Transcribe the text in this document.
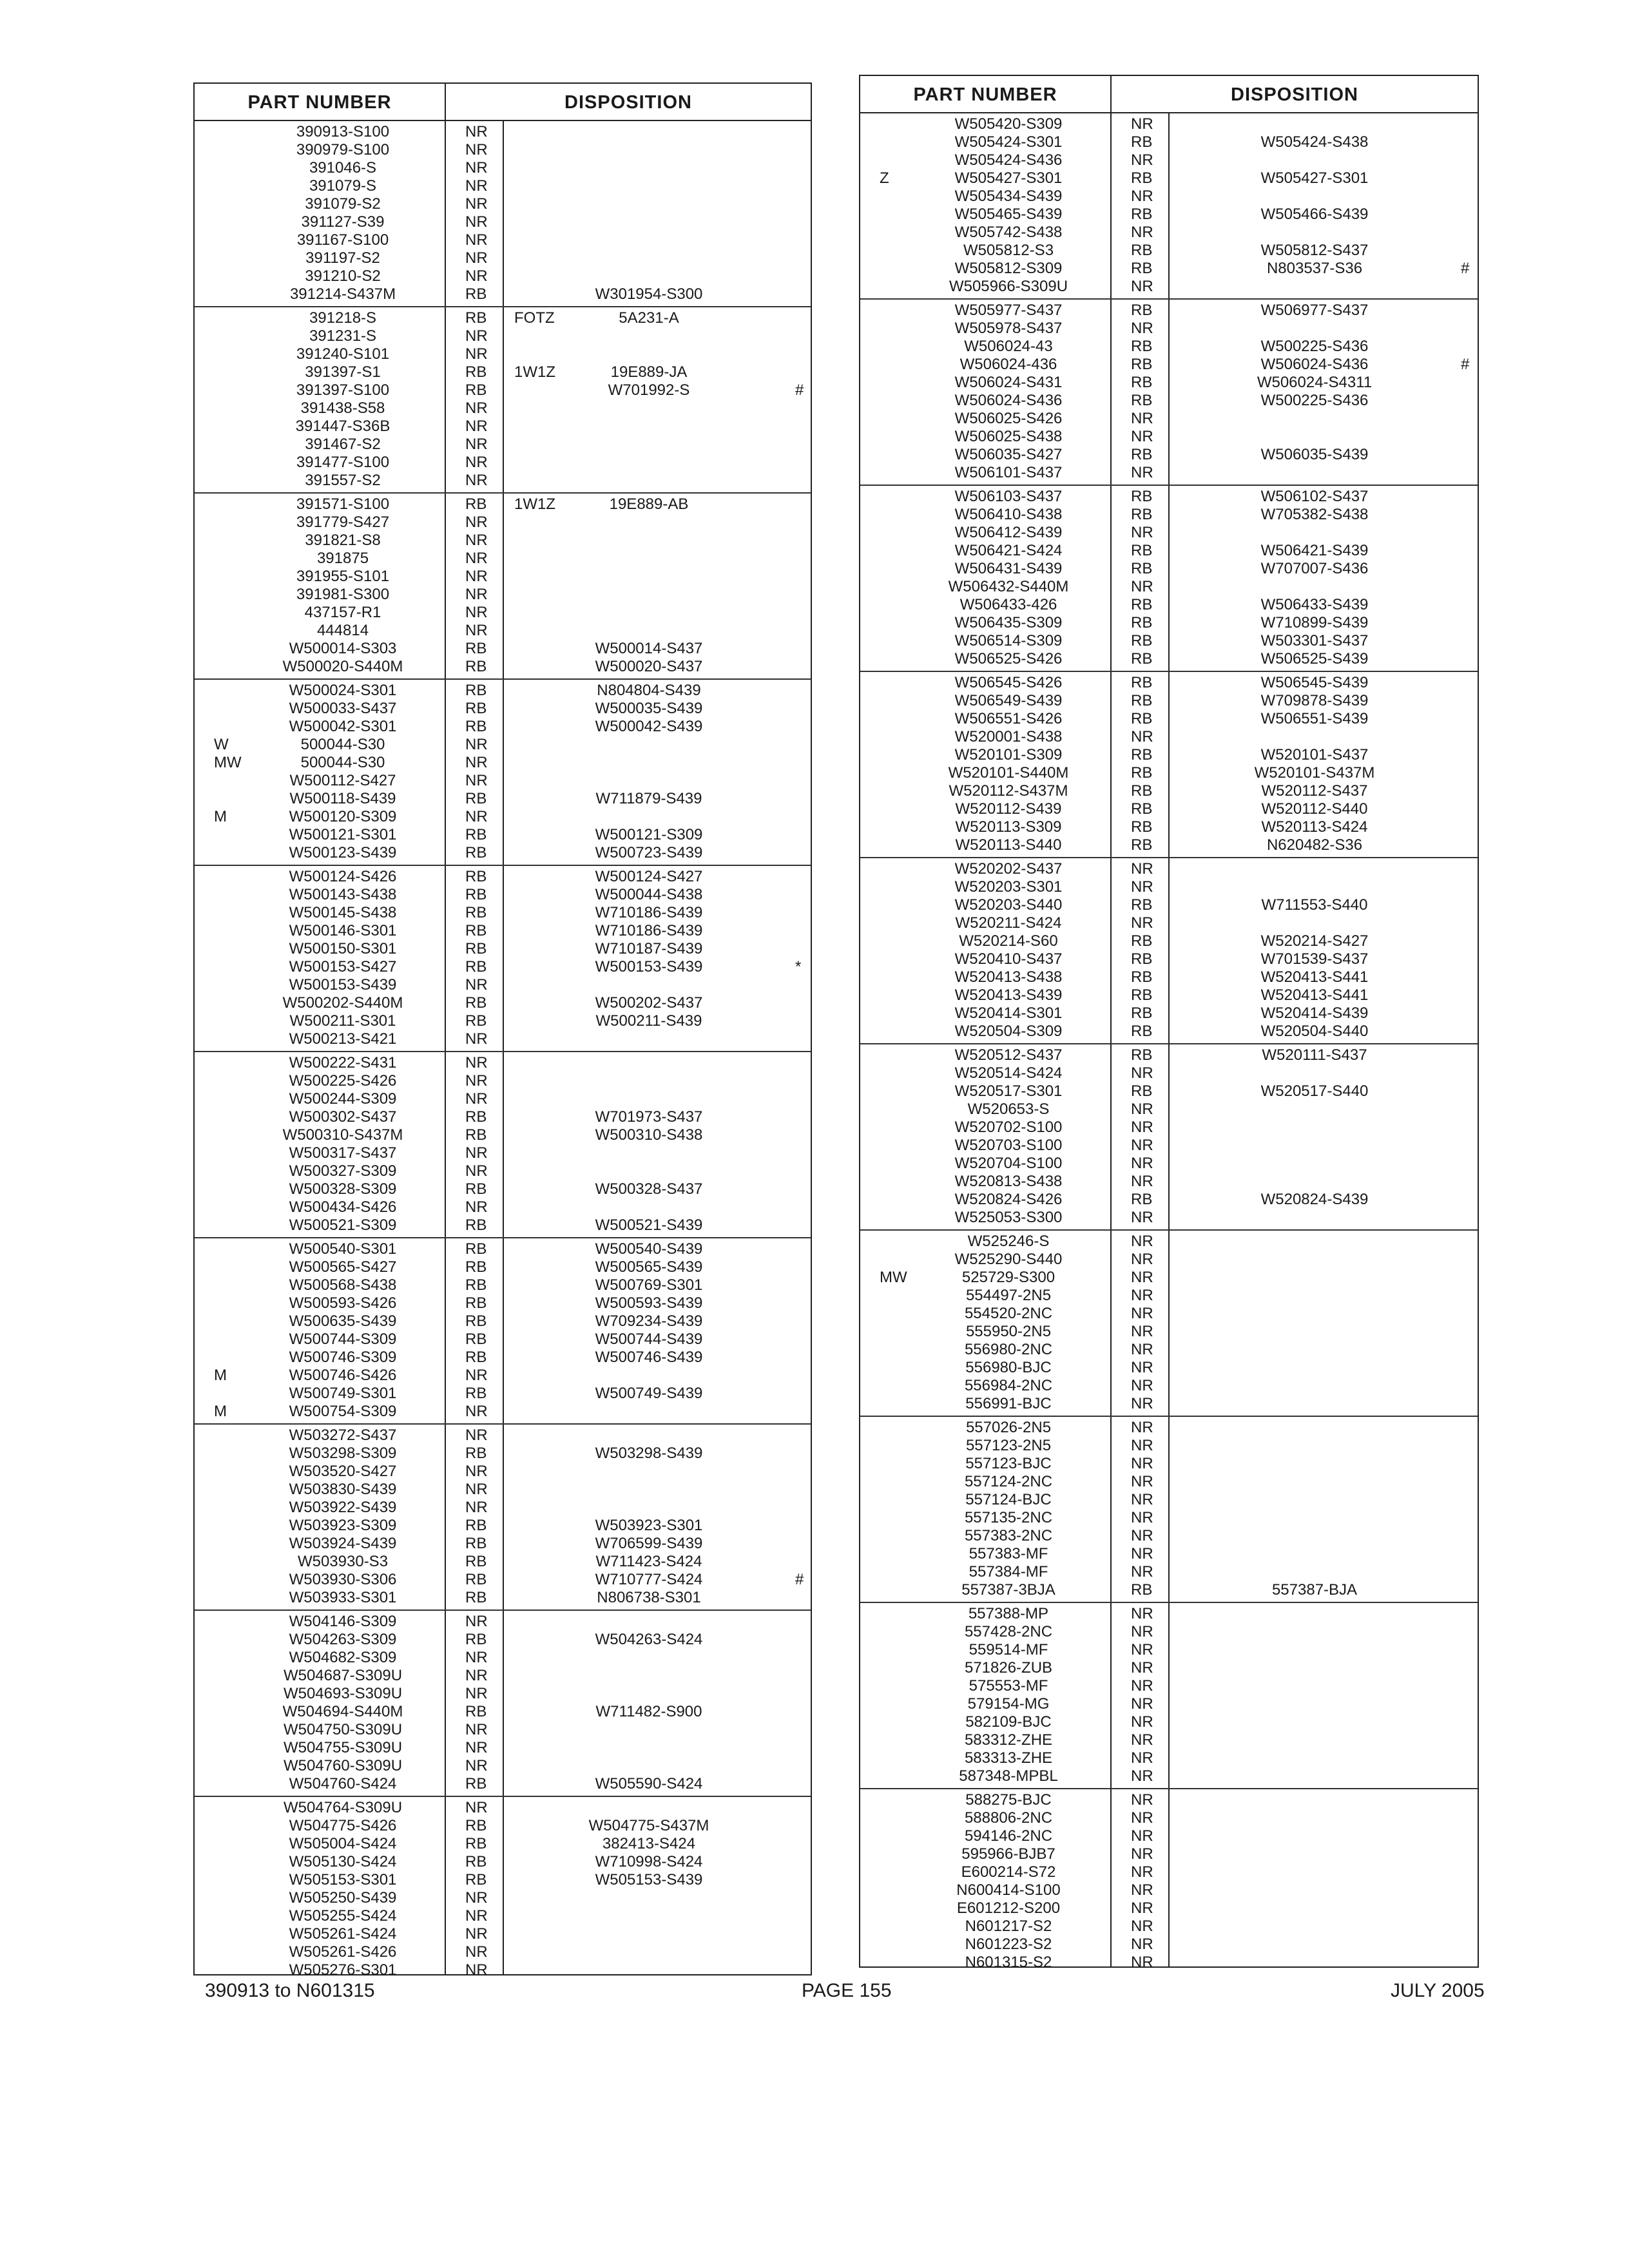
PART NUMBER	DISPOSITION
390913-S100	NR
390979-S100	NR
391046-S	NR
391079-S	NR
391079-S2	NR
391127-S39	NR
391167-S100	NR
391197-S2	NR
391210-S2	NR
391214-S437M	RB	W301954-S300
391218-S	RB FOTZ	5A231-A
391231-S	NR
391240-S101	NR
391397-S1	RB 1W1Z	19E889-JA
391397-S100	RB	W701992-S	#
391438-S58	NR
391447-S36B	NR
391467-S2	NR
391477-S100	NR
391557-S2	NR
391571-S100	RB 1W1Z	19E889-AB
391779-S427	NR
391821-S8	NR
391875	NR
391955-S101	NR
391981-S300	NR
437157-R1	NR
444814	NR
W500014-S303	RB	W500014-S437
W500020-S440M	RB	W500020-S437
W500024-S301	RB	N804804-S439
W500033-S437	RB	W500035-S439
W500042-S301	RB	W500042-S439
W	500044-S30	NR
MW	500044-S30	NR
W500112-S427	NR
W500118-S439	RB	W711879-S439
M	W500120-S309	NR
W500121-S301	RB	W500121-S309
W500123-S439	RB	W500723-S439
W500124-S426	RB	W500124-S427
W500143-S438	RB	W500044-S438
W500145-S438	RB	W710186-S439
W500146-S301	RB	W710186-S439
W500150-S301	RB	W710187-S439
W500153-S427	RB	W500153-S439	*
W500153-S439	NR
W500202-S440M	RB	W500202-S437
W500211-S301	RB	W500211-S439
W500213-S421	NR
W500222-S431	NR
W500225-S426	NR
W500244-S309	NR
W500302-S437	RB	W701973-S437
W500310-S437M	RB	W500310-S438
W500317-S437	NR
W500327-S309	NR
W500328-S309	RB	W500328-S437
W500434-S426	NR
W500521-S309	RB	W500521-S439
W500540-S301	RB	W500540-S439
W500565-S427	RB	W500565-S439
W500568-S438	RB	W500769-S301
W500593-S426	RB	W500593-S439
W500635-S439	RB	W709234-S439
W500744-S309	RB	W500744-S439
W500746-S309	RB	W500746-S439
M	W500746-S426	NR
W500749-S301	RB	W500749-S439
M	W500754-S309	NR
W503272-S437	NR
W503298-S309	RB	W503298-S439
W503520-S427	NR
W503830-S439	NR
W503922-S439	NR
W503923-S309	RB	W503923-S301
W503924-S439	RB	W706599-S439
W503930-S3	RB	W711423-S424
W503930-S306	RB	W710777-S424	#
W503933-S301	RB	N806738-S301
W504146-S309	NR
W504263-S309	RB	W504263-S424
W504682-S309	NR
W504687-S309U	NR
W504693-S309U	NR
W504694-S440M	RB	W711482-S900
W504750-S309U	NR
W504755-S309U	NR
W504760-S309U	NR
W504760-S424	RB	W505590-S424
W504764-S309U	NR
W504775-S426	RB	W504775-S437M
W505004-S424	RB	382413-S424
W505130-S424	RB	W710998-S424
W505153-S301	RB	W505153-S439
W505250-S439	NR
W505255-S424	NR
W505261-S424	NR
W505261-S426	NR
W505276-S301	NR
PART NUMBER	DISPOSITION
W505420-S309	NR
W505424-S301	RB	W505424-S438
W505424-S436	NR
Z	W505427-S301	RB	W505427-S301
W505434-S439	NR
W505465-S439	RB	W505466-S439
W505742-S438	NR
W505812-S3	RB	W505812-S437
W505812-S309	RB	N803537-S36	#
W505966-S309U	NR
W505977-S437	RB	W506977-S437
W505978-S437	NR
W506024-43	RB	W500225-S436
W506024-436	RB	W506024-S436	#
W506024-S431	RB	W506024-S4311
W506024-S436	RB	W500225-S436
W506025-S426	NR
W506025-S438	NR
W506035-S427	RB	W506035-S439
W506101-S437	NR
W506103-S437	RB	W506102-S437
W506410-S438	RB	W705382-S438
W506412-S439	NR
W506421-S424	RB	W506421-S439
W506431-S439	RB	W707007-S436
W506432-S440M	NR
W506433-426	RB	W506433-S439
W506435-S309	RB	W710899-S439
W506514-S309	RB	W503301-S437
W506525-S426	RB	W506525-S439
W506545-S426	RB	W506545-S439
W506549-S439	RB	W709878-S439
W506551-S426	RB	W506551-S439
W520001-S438	NR
W520101-S309	RB	W520101-S437
W520101-S440M	RB	W520101-S437M
W520112-S437M	RB	W520112-S437
W520112-S439	RB	W520112-S440
W520113-S309	RB	W520113-S424
W520113-S440	RB	N620482-S36
W520202-S437	NR
W520203-S301	NR
W520203-S440	RB	W711553-S440
W520211-S424	NR
W520214-S60	RB	W520214-S427
W520410-S437	RB	W701539-S437
W520413-S438	RB	W520413-S441
W520413-S439	RB	W520413-S441
W520414-S301	RB	W520414-S439
W520504-S309	RB	W520504-S440
W520512-S437	RB	W520111-S437
W520514-S424	NR
W520517-S301	RB	W520517-S440
W520653-S	NR
W520702-S100	NR
W520703-S100	NR
W520704-S100	NR
W520813-S438	NR
W520824-S426	RB	W520824-S439
W525053-S300	NR
W525246-S	NR
W525290-S440	NR
MW	525729-S300	NR
554497-2N5	NR
554520-2NC	NR
555950-2N5	NR
556980-2NC	NR
556980-BJC	NR
556984-2NC	NR
556991-BJC	NR
557026-2N5	NR
557123-2N5	NR
557123-BJC	NR
557124-2NC	NR
557124-BJC	NR
557135-2NC	NR
557383-2NC	NR
557383-MF	NR
557384-MF	NR
557387-3BJA	RB	557387-BJA
557388-MP	NR
557428-2NC	NR
559514-MF	NR
571826-ZUB	NR
575553-MF	NR
579154-MG	NR
582109-BJC	NR
583312-ZHE	NR
583313-ZHE	NR
587348-MPBL	NR
588275-BJC	NR
588806-2NC	NR
594146-2NC	NR
595966-BJB7	NR
E600214-S72	NR
N600414-S100	NR
E601212-S200	NR
N601217-S2	NR
N601223-S2	NR
N601315-S2	NR
390913 to N601315	PAGE 155	JULY 2005
